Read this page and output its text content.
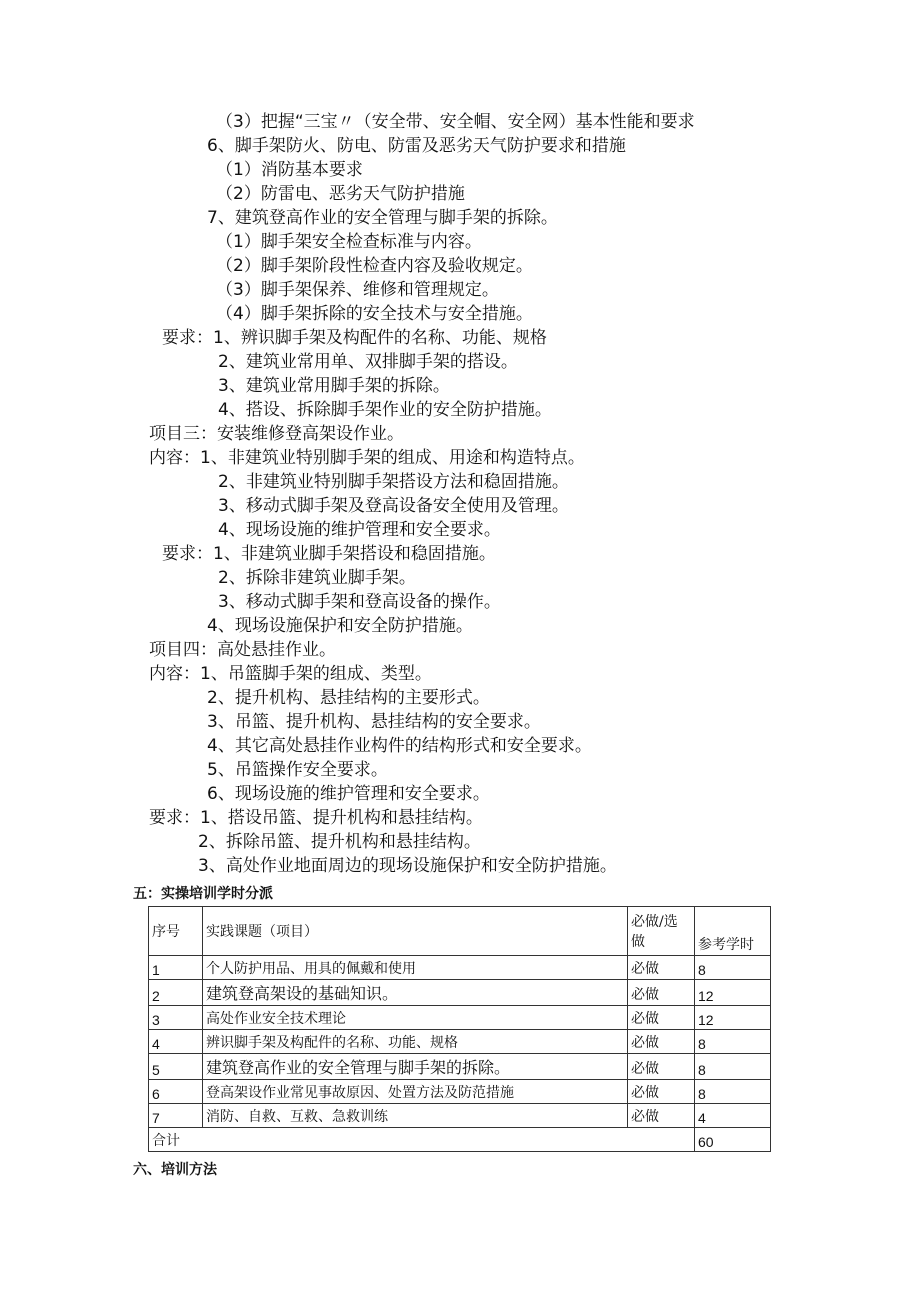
（3）把握“三宝〃（安全带、安全帽、安全网）基本性能和要求
6、脚手架防火、防电、防雷及恶劣天气防护要求和措施
（1）消防基本要求
（2）防雷电、恶劣天气防护措施
7、建筑登高作业的安全管理与脚手架的拆除。
（1）脚手架安全检查标准与内容。
（2）脚手架阶段性检查内容及验收规定。
（3）脚手架保养、维修和管理规定。
（4）脚手架拆除的安全技术与安全措施。
要求：1、辨识脚手架及构配件的名称、功能、规格
2、建筑业常用单、双排脚手架的搭设。
3、建筑业常用脚手架的拆除。
4、搭设、拆除脚手架作业的安全防护措施。
项目三：安装维修登高架设作业。
内容：1、非建筑业特别脚手架的组成、用途和构造特点。
2、非建筑业特别脚手架搭设方法和稳固措施。
3、移动式脚手架及登高设备安全使用及管理。
4、现场设施的维护管理和安全要求。
要求：1、非建筑业脚手架搭设和稳固措施。
2、拆除非建筑业脚手架。
3、移动式脚手架和登高设备的操作。
4、现场设施保护和安全防护措施。
项目四：高处悬挂作业。
内容：1、吊篮脚手架的组成、类型。
2、提升机构、悬挂结构的主要形式。
3、吊篮、提升机构、悬挂结构的安全要求。
4、其它高处悬挂作业构件的结构形式和安全要求。
5、吊篮操作安全要求。
6、现场设施的维护管理和安全要求。
要求：1、搭设吊篮、提升机构和悬挂结构。
2、拆除吊篮、提升机构和悬挂结构。
3、高处作业地面周边的现场设施保护和安全防护措施。
五：实操培训学时分派
序号	实践课题（项目）	必做/选做	参考学时
1	个人防护用品、用具的佩戴和使用	必做	8
2	建筑登高架设的基础知识。	必做	12
3	高处作业安全技术理论	必做	12
4	辨识脚手架及构配件的名称、功能、规格	必做	8
5	建筑登高作业的安全管理与脚手架的拆除。	必做	8
6	登高架设作业常见事故原因、处置方法及防范措施	必做	8
7	消防、自救、互救、急救训练	必做	4
合计			60
六、培训方法
